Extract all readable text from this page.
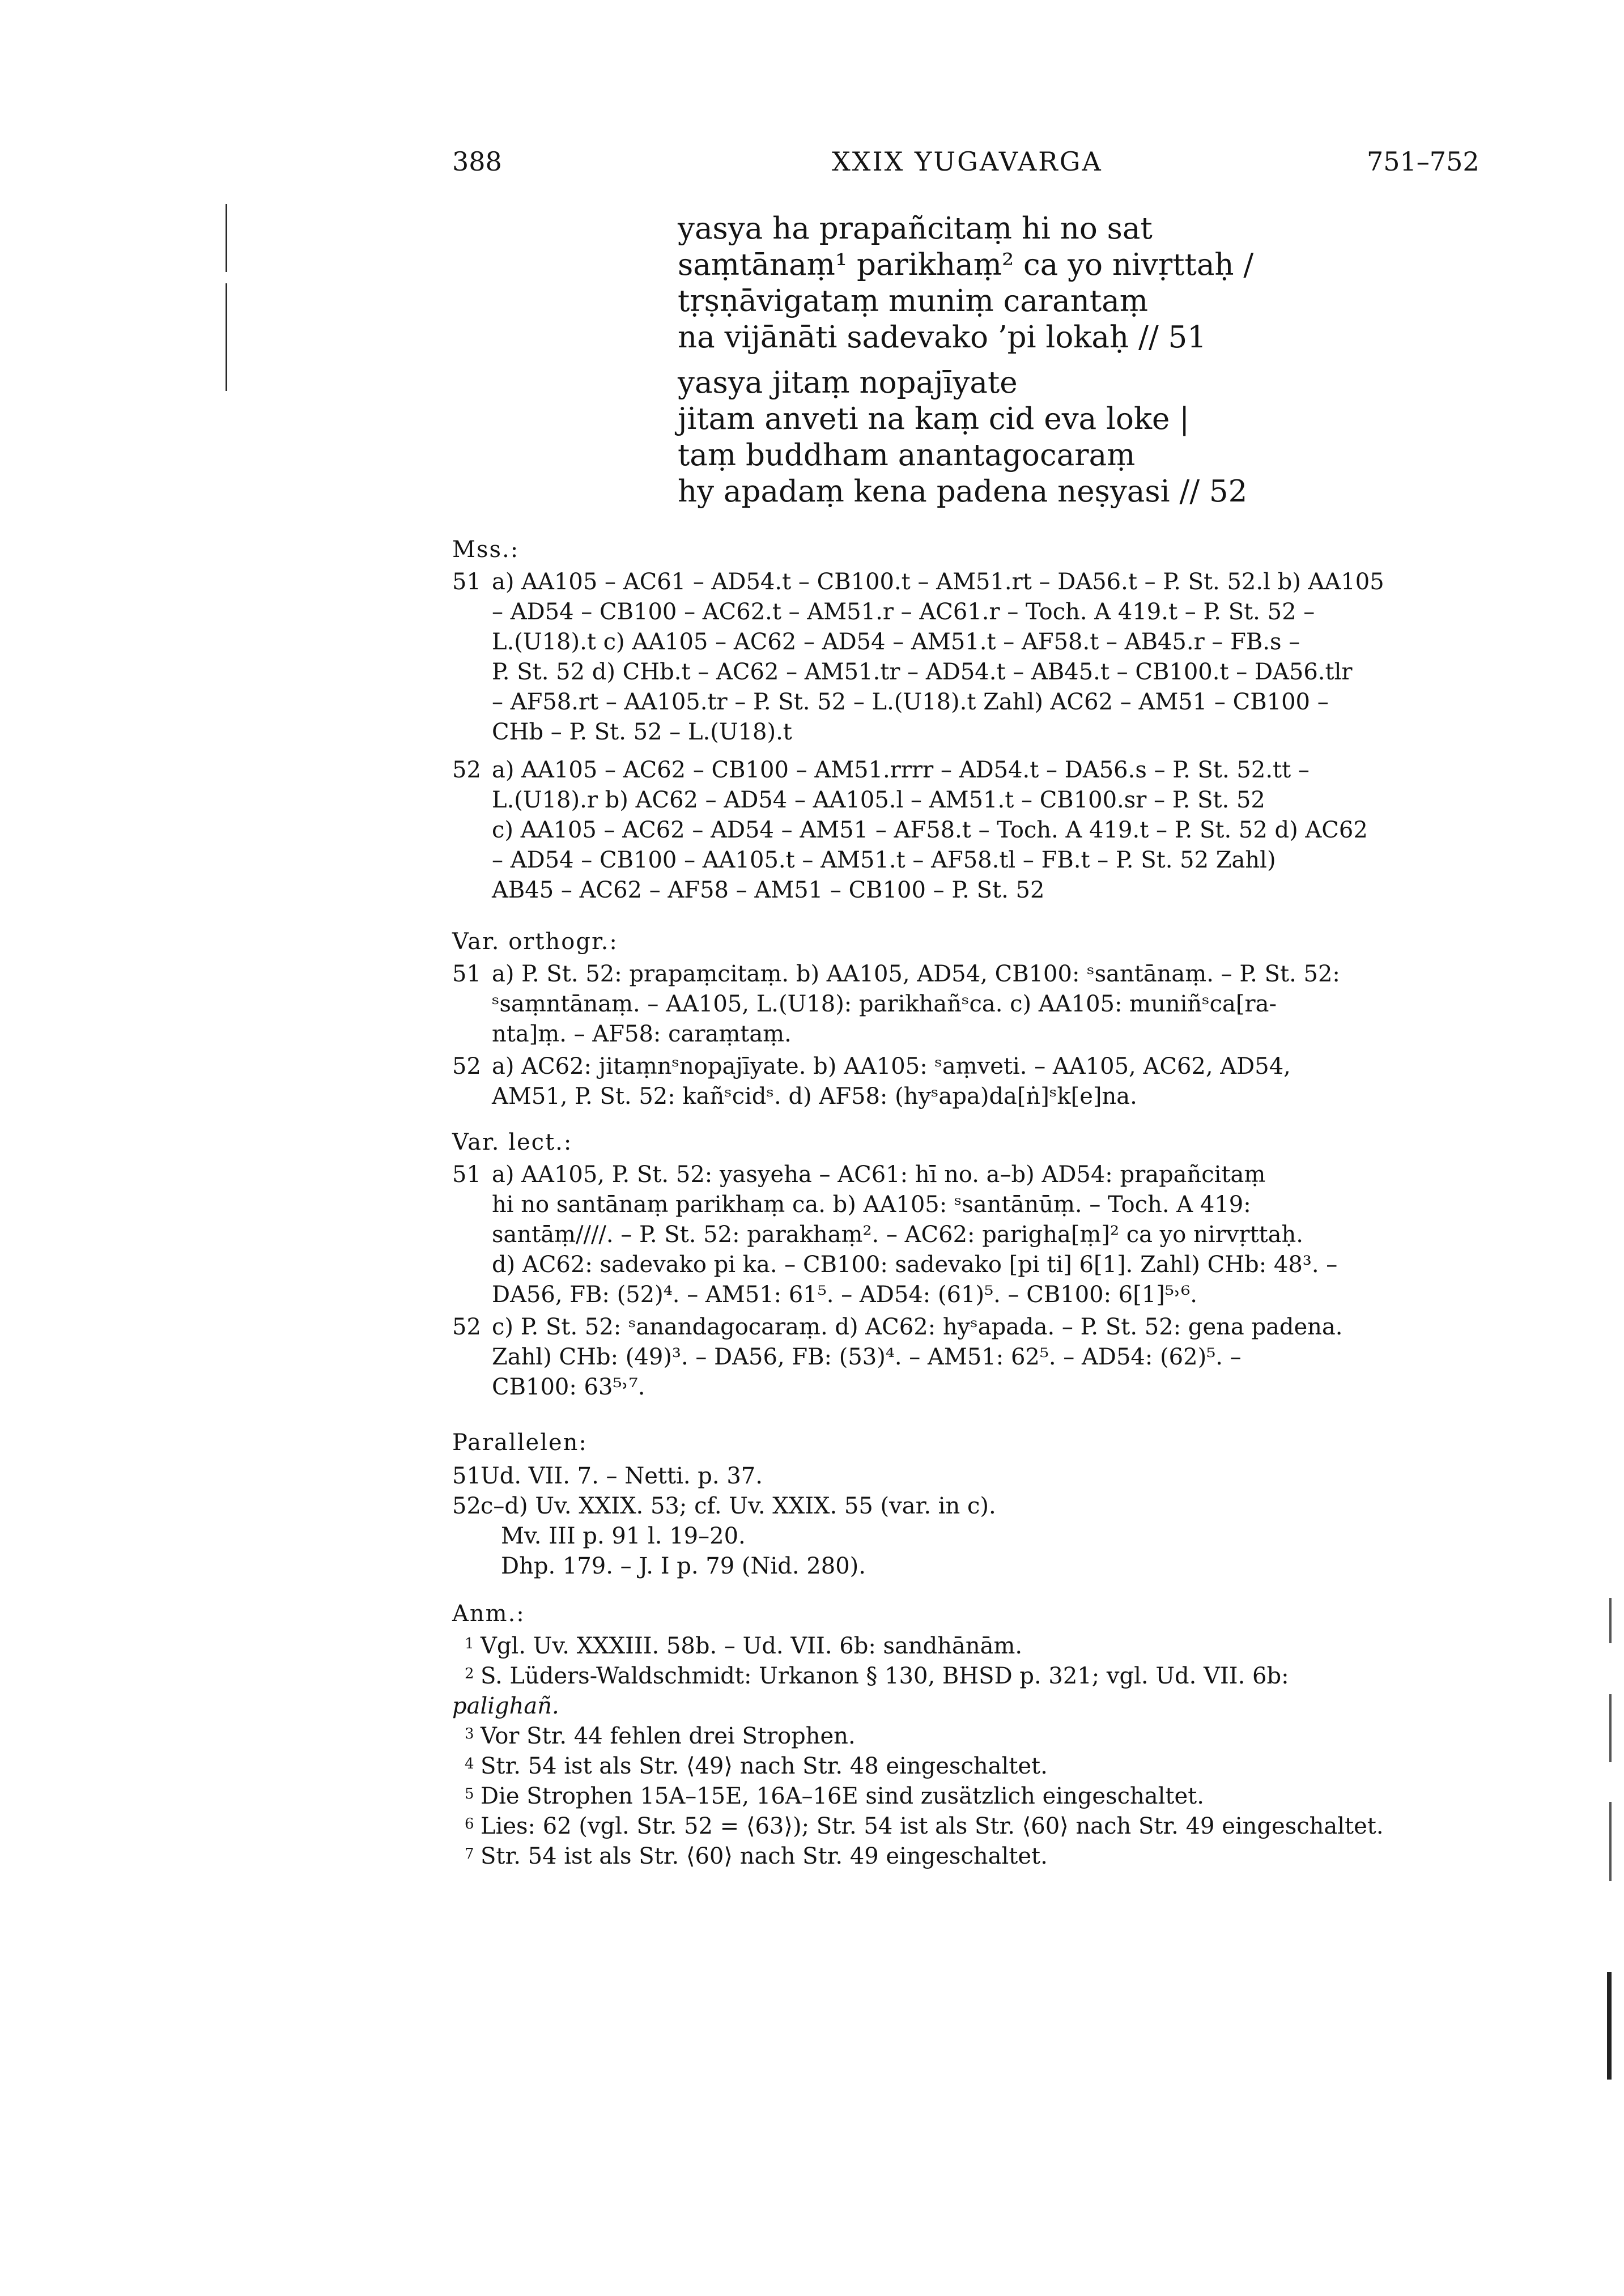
388	XXIX YUGAVARGA	751–752
yasya ha prapañcitaṃ hi no sat
saṃtānaṃ¹ parikhaṃ² ca yo nivṛttaḥ /
tṛṣṇāvigataṃ muniṃ carantaṃ
na vijānāti sadevako ’pi lokaḥ // 51
yasya jitaṃ nopajīyate
jitam anveti na kaṃ cid eva loke |
taṃ buddham anantagocaraṃ
hy apadaṃ kena padena neṣyasi // 52
Mss.:
51 a) AA105 – AC61 – AD54.t – CB100.t – AM51.rt – DA56.t – P. St. 52.l b) AA105
– AD54 – CB100 – AC62.t – AM51.r – AC61.r – Toch. A 419.t – P. St. 52 –
L.(U18).t c) AA105 – AC62 – AD54 – AM51.t – AF58.t – AB45.r – FB.s –
P. St. 52 d) CHb.t – AC62 – AM51.tr – AD54.t – AB45.t – CB100.t – DA56.tlr
– AF58.rt – AA105.tr – P. St. 52 – L.(U18).t Zahl) AC62 – AM51 – CB100 –
CHb – P. St. 52 – L.(U18).t
52 a) AA105 – AC62 – CB100 – AM51.rrrr – AD54.t – DA56.s – P. St. 52.tt –
L.(U18).r b) AC62 – AD54 – AA105.l – AM51.t – CB100.sr – P. St. 52
c) AA105 – AC62 – AD54 – AM51 – AF58.t – Toch. A 419.t – P. St. 52 d) AC62
– AD54 – CB100 – AA105.t – AM51.t – AF58.tl – FB.t – P. St. 52 Zahl)
AB45 – AC62 – AF58 – AM51 – CB100 – P. St. 52
Var. orthogr.:
51 a) P. St. 52: prapaṃcitaṃ. b) AA105, AD54, CB100: ˢsantānaṃ. – P. St. 52:
ˢsaṃntānaṃ. – AA105, L.(U18): parikhañˢca. c) AA105: muniñˢca[ra-
nta]ṃ. – AF58: caraṃtaṃ.
52 a) AC62: jitaṃnˢnopajīyate. b) AA105: ˢaṃveti. – AA105, AC62, AD54,
AM51, P. St. 52: kañˢcidˢ. d) AF58: (hyˢapa)da[ṅ]ˢk[e]na.
Var. lect.:
51 a) AA105, P. St. 52: yasyeha – AC61: hī no. a–b) AD54: prapañcitaṃ
hi no santānaṃ parikhaṃ ca. b) AA105: ˢsantānūṃ. – Toch. A 419:
santāṃ////. – P. St. 52: parakhaṃ². – AC62: parigha[ṃ]² ca yo nirvṛttaḥ.
d) AC62: sadevako pi ka. – CB100: sadevako [pi ti] 6[1]. Zahl) CHb: 48³. –
DA56, FB: (52)⁴. – AM51: 61⁵. – AD54: (61)⁵. – CB100: 6[1]⁵˒⁶.
52 c) P. St. 52: ˢanandagocaraṃ. d) AC62: hyˢapada. – P. St. 52: gena padena.
Zahl) CHb: (49)³. – DA56, FB: (53)⁴. – AM51: 62⁵. – AD54: (62)⁵. –
CB100: 63⁵˒⁷.
Parallelen:
51 Ud. VII. 7. – Netti. p. 37.
52 c–d) Uv. XXIX. 53; cf. Uv. XXIX. 55 (var. in c).
Mv. III p. 91 l. 19–20.
Dhp. 179. – J. I p. 79 (Nid. 280).
Anm.:
1 Vgl. Uv. XXXIII. 58b. – Ud. VII. 6b: sandhānām.
2 S. Lüders-Waldschmidt: Urkanon § 130, BHSD p. 321; vgl. Ud. VII. 6b:
palighañ.
3 Vor Str. 44 fehlen drei Strophen.
4 Str. 54 ist als Str. ⟨49⟩ nach Str. 48 eingeschaltet.
5 Die Strophen 15A–15E, 16A–16E sind zusätzlich eingeschaltet.
6 Lies: 62 (vgl. Str. 52 = ⟨63⟩); Str. 54 ist als Str. ⟨60⟩ nach Str. 49 eingeschaltet.
7 Str. 54 ist als Str. ⟨60⟩ nach Str. 49 eingeschaltet.
